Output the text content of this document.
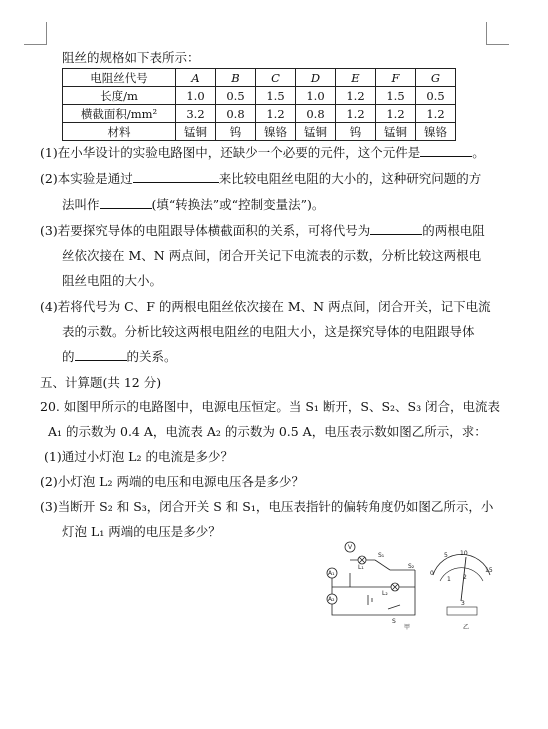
阻丝的规格如下表所示：
电阻丝代号	A	B	C	D	E	F	G
长度/m	1.0	0.5	1.5	1.0	1.2	1.5	0.5
横截面积/mm²	3.2	0.8	1.2	0.8	1.2	1.2	1.2
材料	锰铜	钨	镍铬	锰铜	钨	锰铜	镍铬
(1)在小华设计的实验电路图中，还缺少一个必要的元件，这个元件是	。
(2)本实验是通过	来比较电阻丝电阻的大小的，这种研究问题的方
法叫作	(填“转换法”或“控制变量法”)。
(3)若要探究导体的电阻跟导体横截面积的关系，可将代号为	的两根电阻
丝依次接在 M、N 两点间，闭合开关记下电流表的示数，分析比较这两根电
阻丝电阻的大小。
(4)若将代号为 C、F 的两根电阻丝依次接在 M、N 两点间，闭合开关，记下电流
表的示数。分析比较这两根电阻丝的电阻大小，这是探究导体的电阻跟导体
的	的关系。
五、计算题(共 12 分)
20. 如图甲所示的电路图中，电源电压恒定。当 S₁ 断开，S、S₂、S₃ 闭合，电流表
A₁ 的示数为 0.4 A，电流表 A₂ 的示数为 0.5 A，电压表示数如图乙所示，求：
(1)通过小灯泡 L₂ 的电流是多少？
(2)小灯泡 L₂ 两端的电压和电源电压各是多少？
(3)当断开 S₂ 和 S₃，闭合开关 S 和 S₁，电压表指针的偏转角度仍如图乙所示，小
灯泡 L₁ 两端的电压是多少？
V
A₁
A₂
S₁
S₂
L₁
L₂
S
甲
5 10
0	15
1 2
3
乙
